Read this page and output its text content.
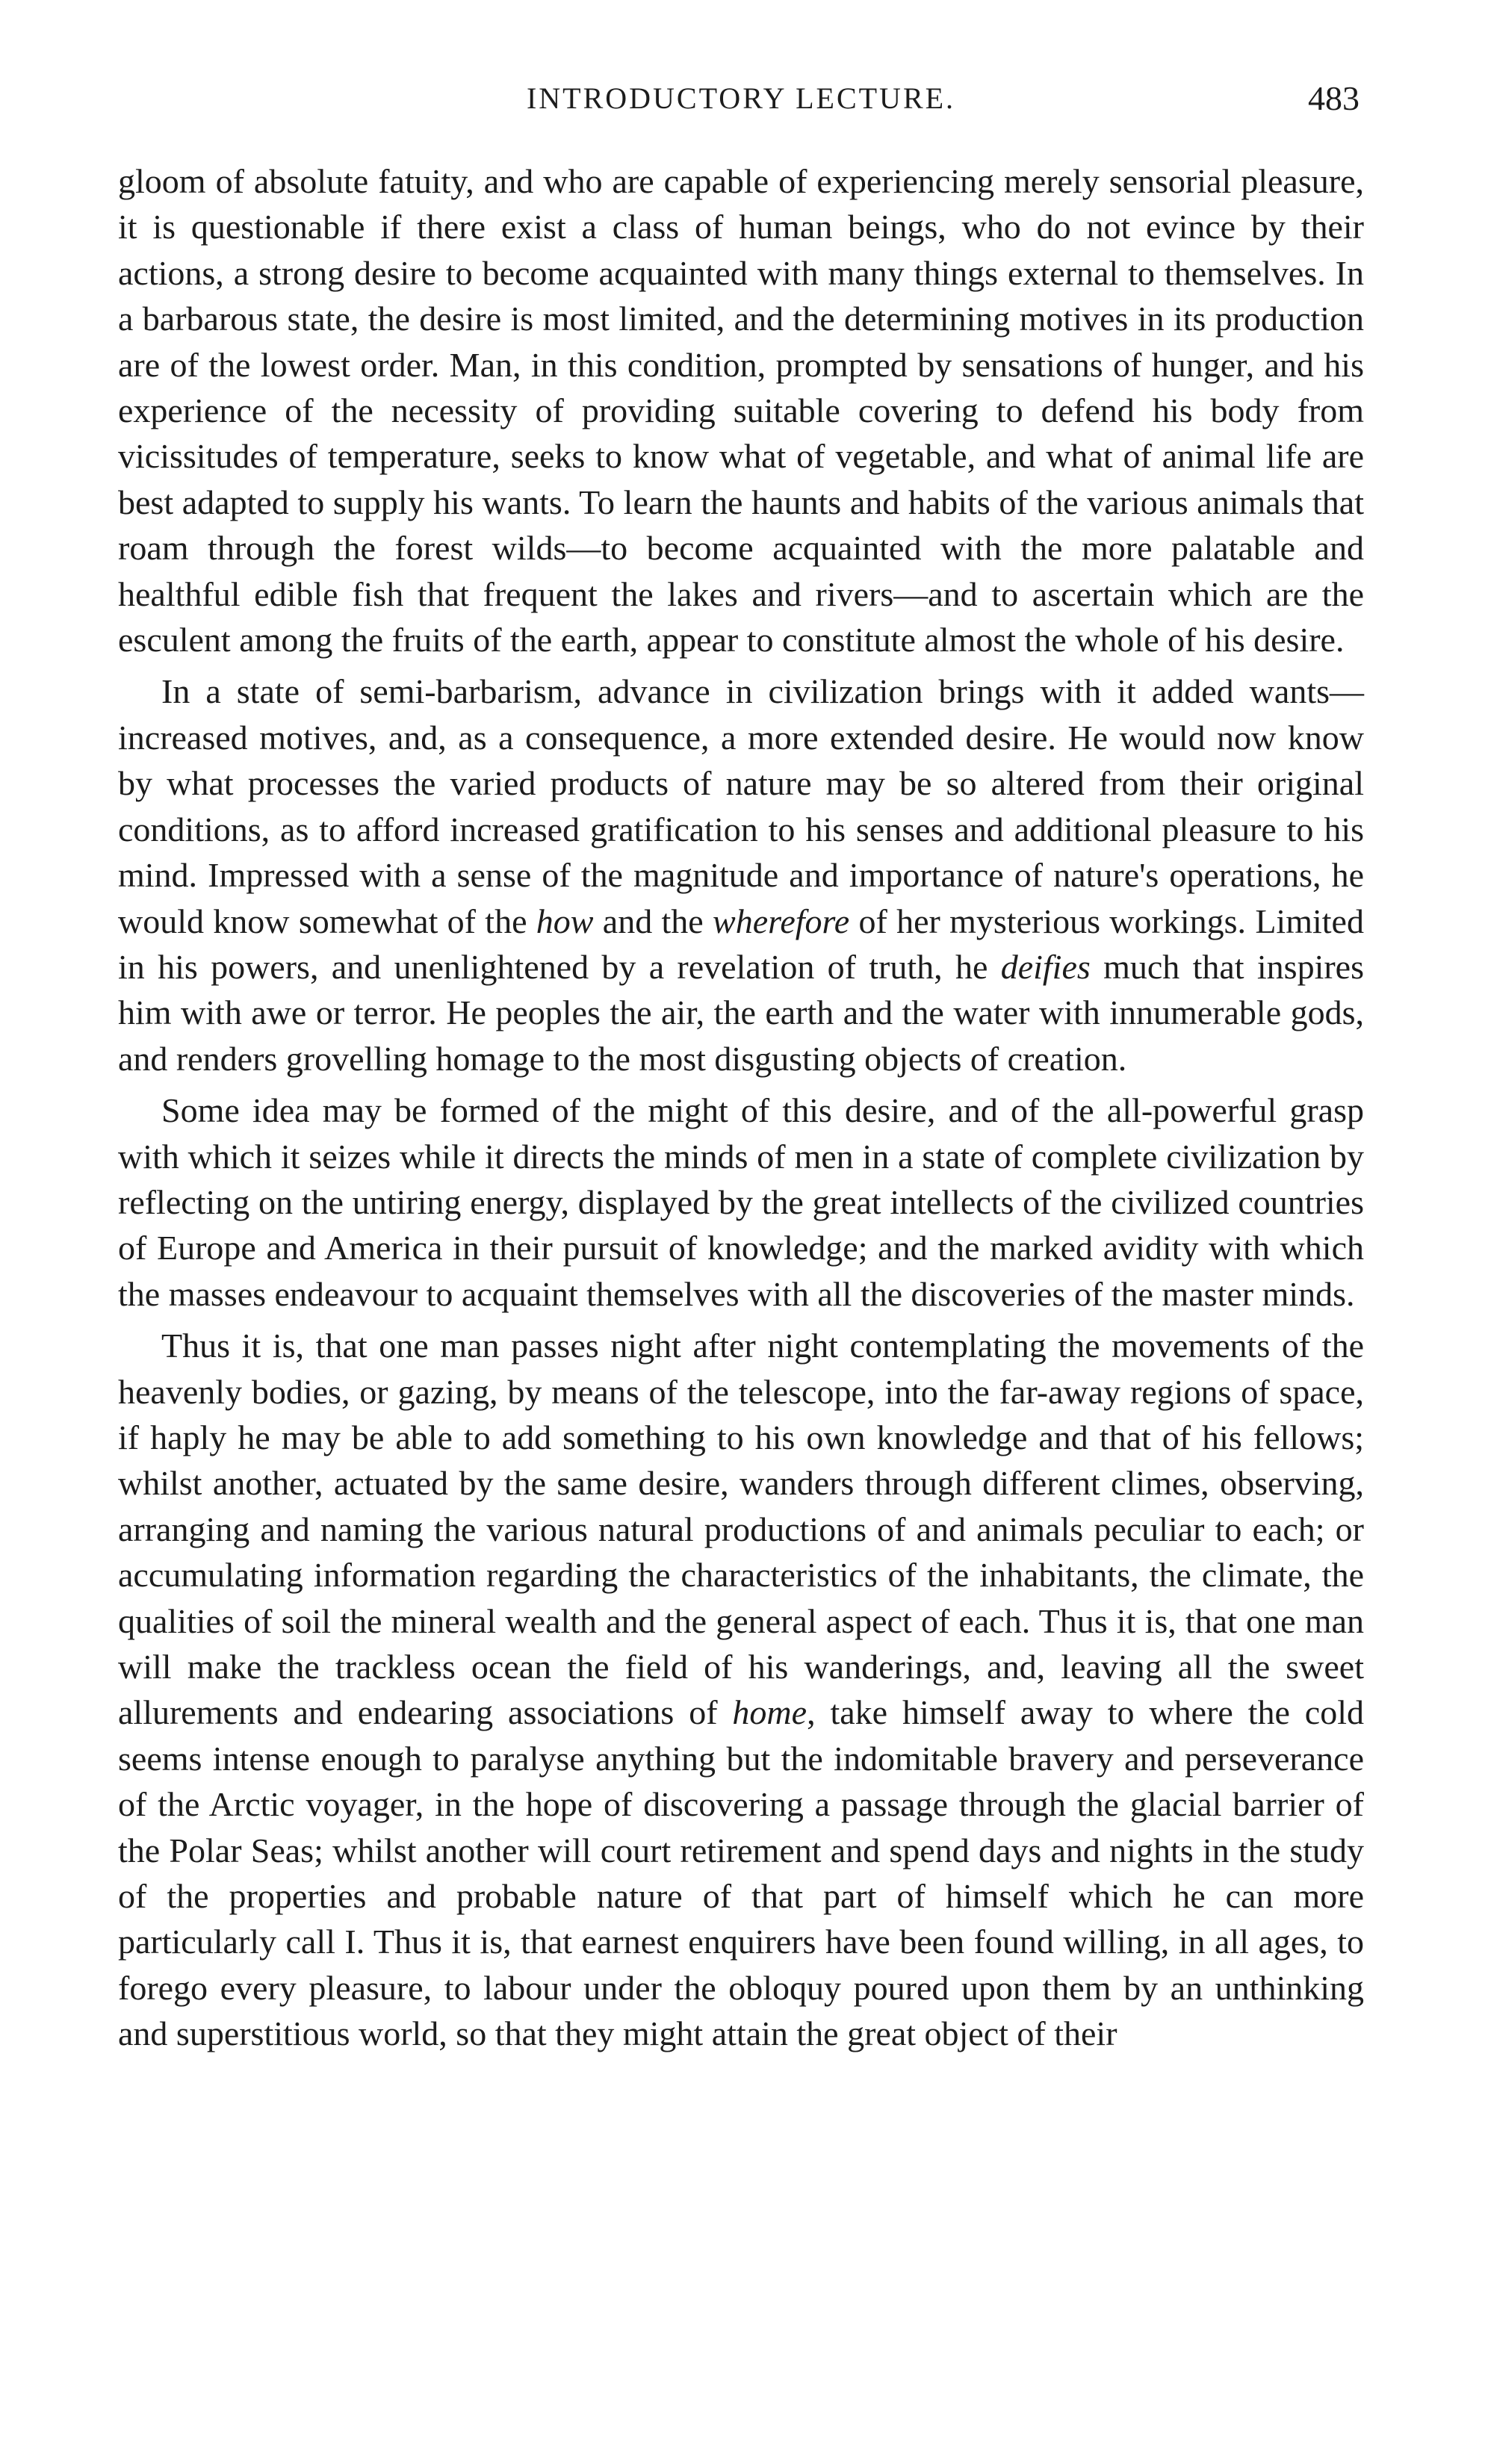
INTRODUCTORY LECTURE.	483

gloom of absolute fatuity, and who are capable of experiencing merely sensorial pleasure, it is questionable if there exist a class of human beings, who do not evince by their actions, a strong desire to become acquainted with many things external to themselves. In a barbarous state, the desire is most limited, and the determining motives in its production are of the lowest order. Man, in this condition, prompted by sensations of hunger, and his experience of the necessity of providing suitable covering to defend his body from vicissitudes of temperature, seeks to know what of vegetable, and what of animal life are best adapted to supply his wants. To learn the haunts and habits of the various animals that roam through the forest wilds—to become acquainted with the more palatable and healthful edible fish that frequent the lakes and rivers—and to ascertain which are the esculent among the fruits of the earth, appear to constitute almost the whole of his desire.

In a state of semi-barbarism, advance in civilization brings with it added wants—increased motives, and, as a consequence, a more extended desire. He would now know by what processes the varied products of nature may be so altered from their original conditions, as to afford increased gratification to his senses and additional pleasure to his mind. Impressed with a sense of the magnitude and importance of nature's operations, he would know somewhat of the how and the wherefore of her mysterious workings. Limited in his powers, and unenlightened by a revelation of truth, he deifies much that inspires him with awe or terror. He peoples the air, the earth and the water with innumerable gods, and renders grovelling homage to the most disgusting objects of creation.

Some idea may be formed of the might of this desire, and of the all-powerful grasp with which it seizes while it directs the minds of men in a state of complete civilization by reflecting on the untiring energy, displayed by the great intellects of the civilized countries of Europe and America in their pursuit of knowledge; and the marked avidity with which the masses endeavour to acquaint themselves with all the discoveries of the master minds.

Thus it is, that one man passes night after night contemplating the movements of the heavenly bodies, or gazing, by means of the telescope, into the far-away regions of space, if haply he may be able to add something to his own knowledge and that of his fellows; whilst another, actuated by the same desire, wanders through different climes, observing, arranging and naming the various natural productions of and animals peculiar to each; or accumulating information regarding the characteristics of the inhabitants, the climate, the qualities of soil the mineral wealth and the general aspect of each. Thus it is, that one man will make the trackless ocean the field of his wanderings, and, leaving all the sweet allurements and endearing associations of home, take himself away to where the cold seems intense enough to paralyse anything but the indomitable bravery and perseverance of the Arctic voyager, in the hope of discovering a passage through the glacial barrier of the Polar Seas; whilst another will court retirement and spend days and nights in the study of the properties and probable nature of that part of himself which he can more particularly call I. Thus it is, that earnest enquirers have been found willing, in all ages, to forego every pleasure, to labour under the obloquy poured upon them by an unthinking and superstitious world, so that they might attain the great object of their
